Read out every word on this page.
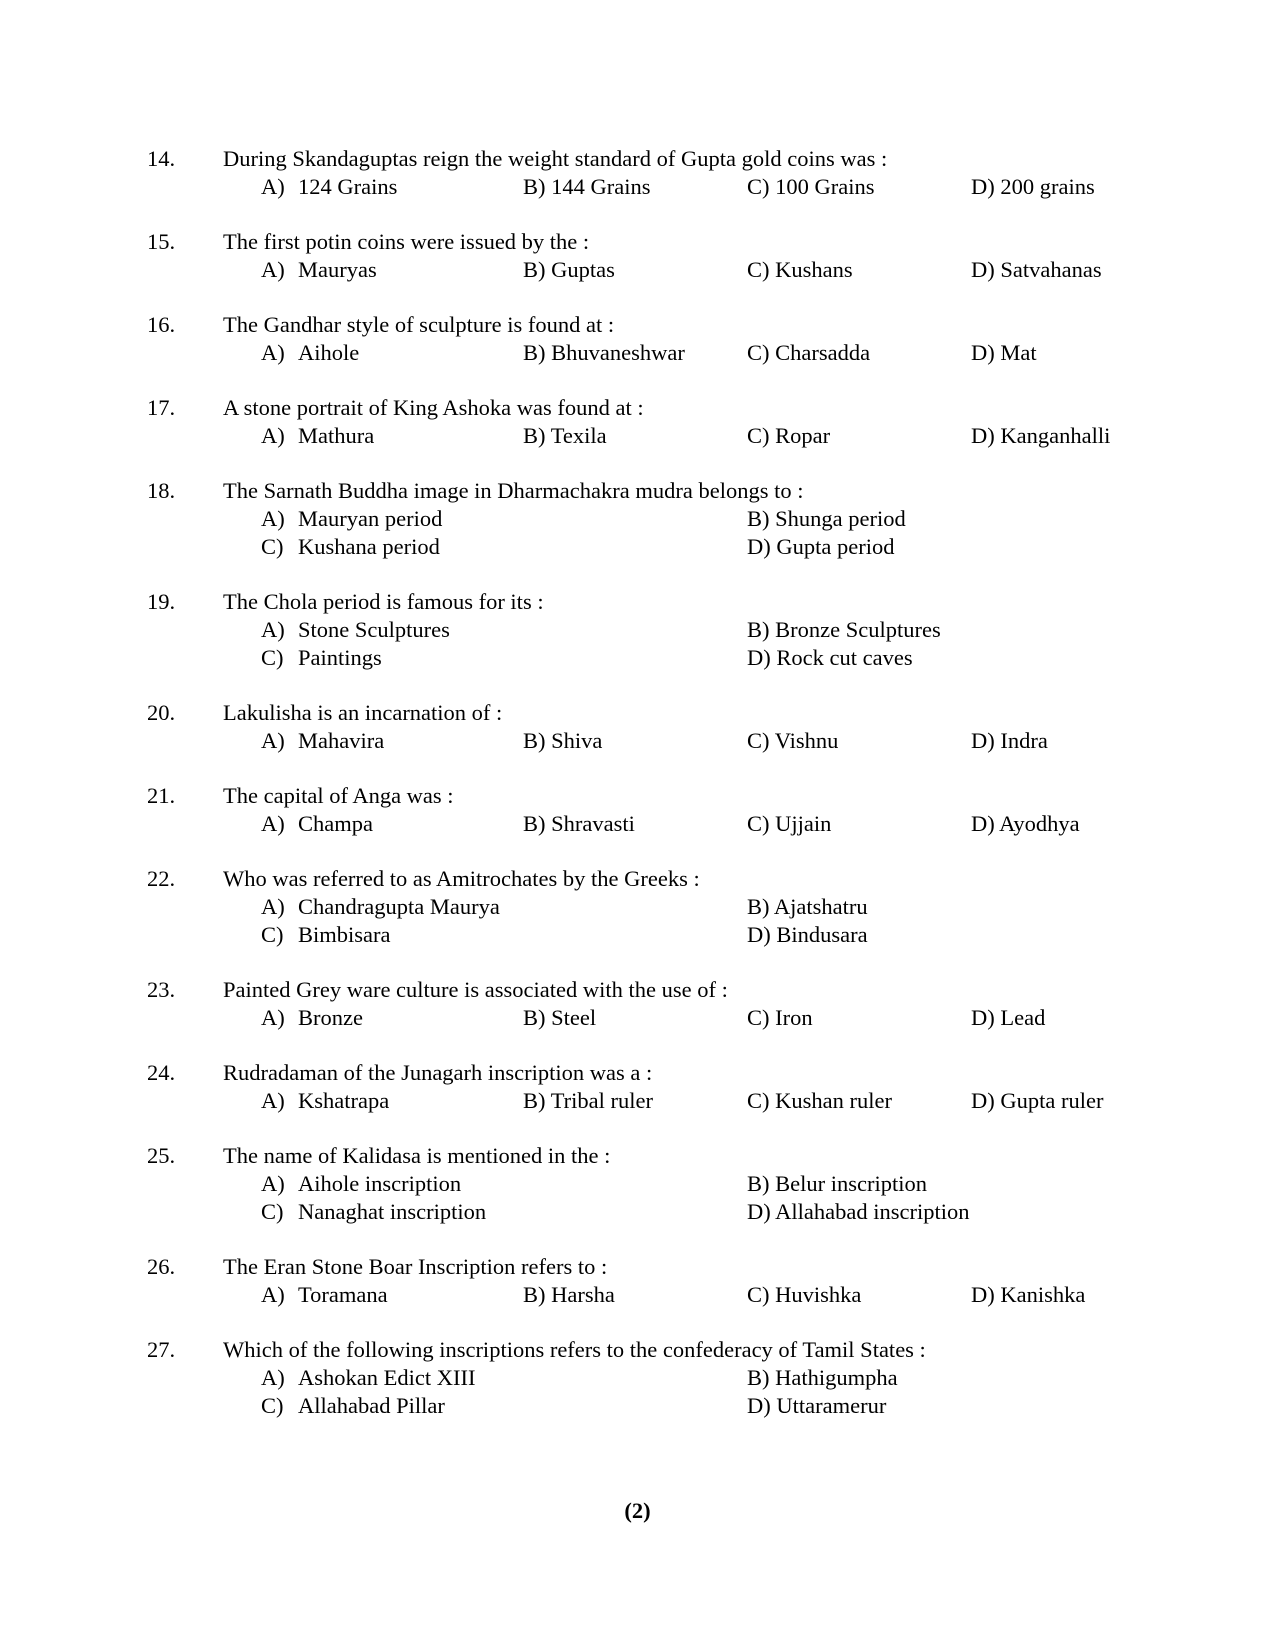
14. During Skandaguptas reign the weight standard of Gupta gold coins was :
A) 124 Grains	B) 144 Grains	C) 100 Grains	D) 200 grains
15. The first potin coins were issued by the :
A) Mauryas	B) Guptas	C) Kushans	D) Satvahanas
16. The Gandhar style of sculpture is found at :
A) Aihole	B) Bhuvaneshwar	C) Charsadda	D) Mat
17. A stone portrait of King Ashoka was found at :
A) Mathura	B) Texila	C) Ropar	D) Kanganhalli
18. The Sarnath Buddha image in Dharmachakra mudra belongs to :
A) Mauryan period	B) Shunga period
C) Kushana period	D) Gupta period
19. The Chola period is famous for its :
A) Stone Sculptures	B) Bronze Sculptures
C) Paintings	D) Rock cut caves
20. Lakulisha is an incarnation of :
A) Mahavira	B) Shiva	C) Vishnu	D) Indra
21. The capital of Anga was :
A) Champa	B) Shravasti	C) Ujjain	D) Ayodhya
22. Who was referred to as Amitrochates by the Greeks :
A) Chandragupta Maurya	B) Ajatshatru
C) Bimbisara	D) Bindusara
23. Painted Grey ware culture is associated with the use of :
A) Bronze	B) Steel	C) Iron	D) Lead
24. Rudradaman of the Junagarh inscription was a :
A) Kshatrapa	B) Tribal ruler	C) Kushan ruler	D) Gupta ruler
25. The name of Kalidasa is mentioned in the :
A) Aihole inscription	B) Belur inscription
C) Nanaghat inscription	D) Allahabad inscription
26. The Eran Stone Boar Inscription refers to :
A) Toramana	B) Harsha	C) Huvishka	D) Kanishka
27. Which of the following inscriptions refers to the confederacy of Tamil States :
A) Ashokan Edict XIII	B) Hathigumpha
C) Allahabad Pillar	D) Uttaramerur
(2)
